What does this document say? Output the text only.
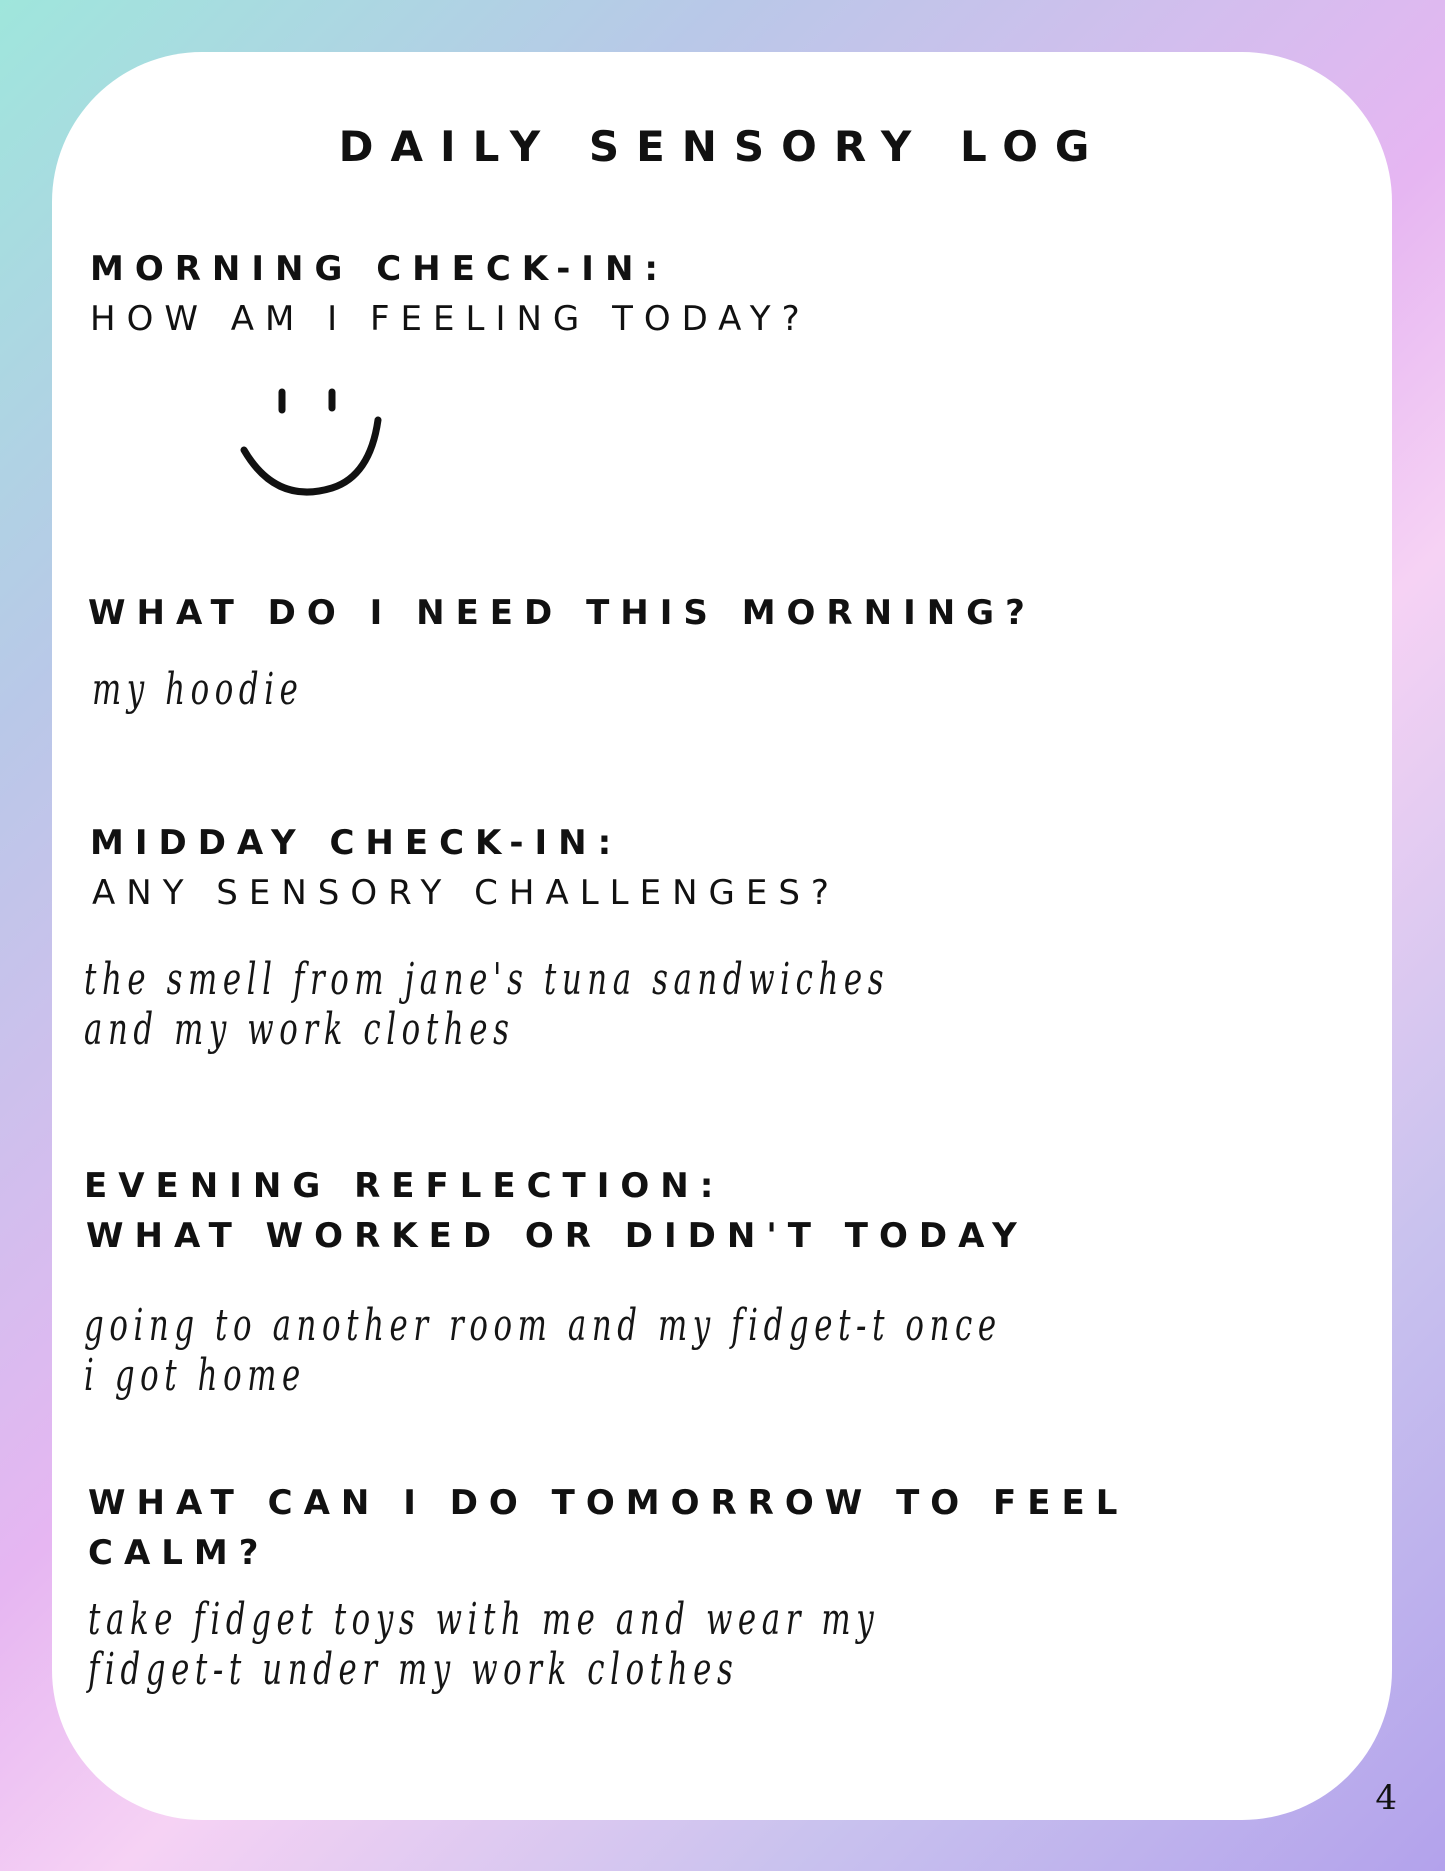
DAILY SENSORY LOG
MORNING CHECK-IN:
HOW AM I FEELING TODAY?
WHAT DO I NEED THIS MORNING?
my hoodie
MIDDAY CHECK-IN:
ANY SENSORY CHALLENGES?
the smell from jane's tuna sandwiches
and my work clothes
EVENING REFLECTION:
WHAT WORKED OR DIDN'T TODAY
going to another room and my fidget-t once
i got home
WHAT CAN I DO TOMORROW TO FEEL
CALM?
take fidget toys with me and wear my
fidget-t under my work clothes
4
